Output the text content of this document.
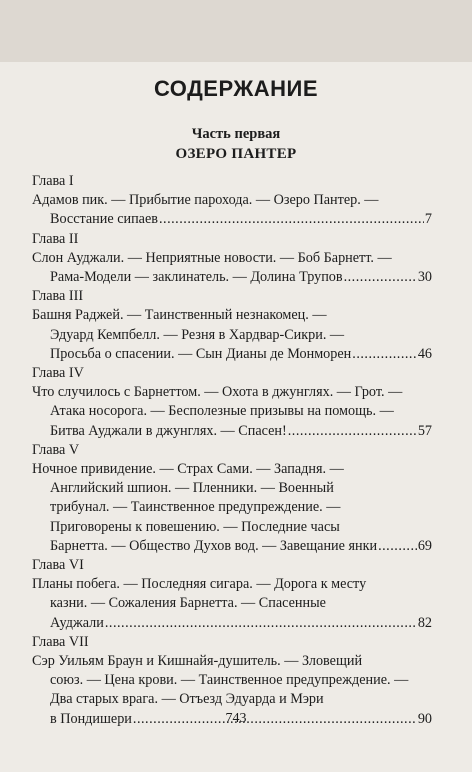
СОДЕРЖАНИЕ
Часть первая
ОЗЕРО ПАНТЕР

Глава I

Адамов пик. — Прибытие парохода. — Озеро Пантер. —

Восстание сипаев .....	7

Глава II

Слон Ауджали. — Неприятные новости. — Боб Барнетт. —

Рама-Модели — заклинатель. — Долина Трупов .....	30

Глава III

Башня Раджей. — Таинственный незнакомец. —

Эдуард Кемпбелл. — Резня в Хардвар-Сикри. —

Просьба о спасении. — Сын Дианы де Монморен .....	46

Глава IV

Что случилось с Барнеттом. — Охота в джунглях. — Грот. —

Атака носорога. — Бесполезные призывы на помощь. —

Битва Ауджали в джунглях. — Спасен! .....	57

Глава V

Ночное привидение. — Страх Сами. — Западня. —

Английский шпион. — Пленники. — Военный

трибунал. — Таинственное предупреждение. —

Приговорены к повешению. — Последние часы

Барнетта. — Общество Духов вод. — Завещание янки .....	69

Глава VI

Планы побега. — Последняя сигара. — Дорога к месту

казни. — Сожаления Барнетта. — Спасенные

Ауджали .....	82

Глава VII

Сэр Уильям Браун и Кишнайя-душитель. — Зловещий

союз. — Цена крови. — Таинственное предупреждение. —

Два старых врага. — Отъезд Эдуарда и Мэри

в Пондишери .....	90
743
